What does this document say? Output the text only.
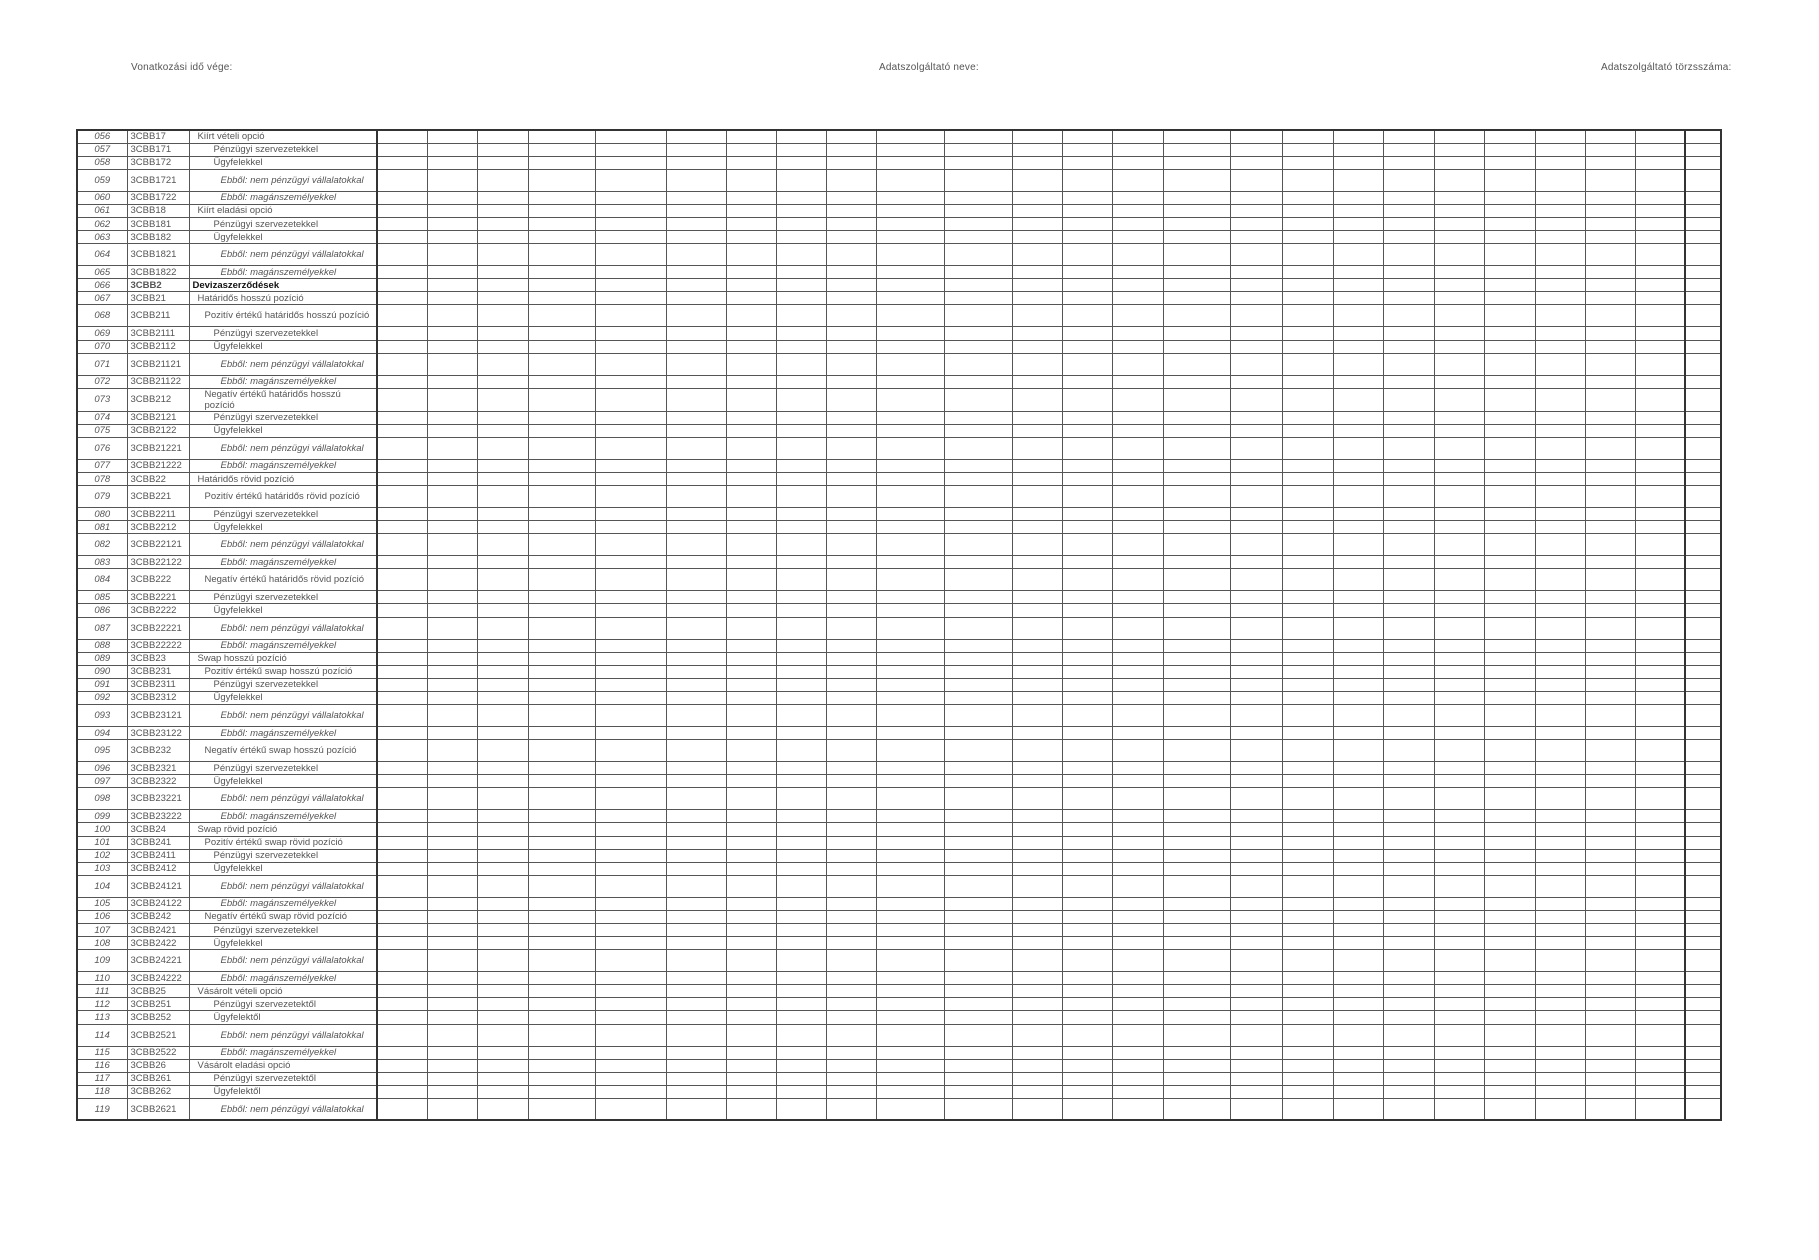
Vonatkozási idő vége:	Adatszolgáltató neve:	Adatszolgáltató törzsszáma:
056	3CBB17	Kiírt vételi opció																									
057	3CBB171	Pénzügyi szervezetekkel																									
058	3CBB172	Ügyfelekkel																									
059	3CBB1721	Ebből: nem pénzügyi vállalatokkal																									
060	3CBB1722	Ebből: magánszemélyekkel																									
061	3CBB18	Kiírt eladási opció																									
062	3CBB181	Pénzügyi szervezetekkel																									
063	3CBB182	Ügyfelekkel																									
064	3CBB1821	Ebből: nem pénzügyi vállalatokkal																									
065	3CBB1822	Ebből: magánszemélyekkel																									
066	3CBB2	Devizaszerződések																									
067	3CBB21	Határidős hosszú pozíció																									
068	3CBB211	Pozitív értékű határidős hosszú pozíció																									
069	3CBB2111	Pénzügyi szervezetekkel																									
070	3CBB2112	Ügyfelekkel																									
071	3CBB21121	Ebből: nem pénzügyi vállalatokkal																									
072	3CBB21122	Ebből: magánszemélyekkel																									
073	3CBB212	Negatív értékű határidős hosszú pozíció																									
074	3CBB2121	Pénzügyi szervezetekkel																									
075	3CBB2122	Ügyfelekkel																									
076	3CBB21221	Ebből: nem pénzügyi vállalatokkal																									
077	3CBB21222	Ebből: magánszemélyekkel																									
078	3CBB22	Határidős rövid pozíció																									
079	3CBB221	Pozitív értékű határidős rövid pozíció																									
080	3CBB2211	Pénzügyi szervezetekkel																									
081	3CBB2212	Ügyfelekkel																									
082	3CBB22121	Ebből: nem pénzügyi vállalatokkal																									
083	3CBB22122	Ebből: magánszemélyekkel																									
084	3CBB222	Negatív értékű határidős rövid pozíció																									
085	3CBB2221	Pénzügyi szervezetekkel																									
086	3CBB2222	Ügyfelekkel																									
087	3CBB22221	Ebből: nem pénzügyi vállalatokkal																									
088	3CBB22222	Ebből: magánszemélyekkel																									
089	3CBB23	Swap hosszú pozíció																									
090	3CBB231	Pozitív értékű swap hosszú pozíció																									
091	3CBB2311	Pénzügyi szervezetekkel																									
092	3CBB2312	Ügyfelekkel																									
093	3CBB23121	Ebből: nem pénzügyi vállalatokkal																									
094	3CBB23122	Ebből: magánszemélyekkel																									
095	3CBB232	Negatív értékű swap hosszú pozíció																									
096	3CBB2321	Pénzügyi szervezetekkel																									
097	3CBB2322	Ügyfelekkel																									
098	3CBB23221	Ebből: nem pénzügyi vállalatokkal																									
099	3CBB23222	Ebből: magánszemélyekkel																									
100	3CBB24	Swap rövid pozíció																									
101	3CBB241	Pozitív értékű swap rövid pozíció																									
102	3CBB2411	Pénzügyi szervezetekkel																									
103	3CBB2412	Ügyfelekkel																									
104	3CBB24121	Ebből: nem pénzügyi vállalatokkal																									
105	3CBB24122	Ebből: magánszemélyekkel																									
106	3CBB242	Negatív értékű swap rövid pozíció																									
107	3CBB2421	Pénzügyi szervezetekkel																									
108	3CBB2422	Ügyfelekkel																									
109	3CBB24221	Ebből: nem pénzügyi vállalatokkal																									
110	3CBB24222	Ebből: magánszemélyekkel																									
111	3CBB25	Vásárolt vételi opció																									
112	3CBB251	Pénzügyi szervezetektől																									
113	3CBB252	Ügyfelektől																									
114	3CBB2521	Ebből: nem pénzügyi vállalatokkal																									
115	3CBB2522	Ebből: magánszemélyekkel																									
116	3CBB26	Vásárolt eladási opció																									
117	3CBB261	Pénzügyi szervezetektől																									
118	3CBB262	Ügyfelektől																									
119	3CBB2621	Ebből: nem pénzügyi vállalatokkal																									
